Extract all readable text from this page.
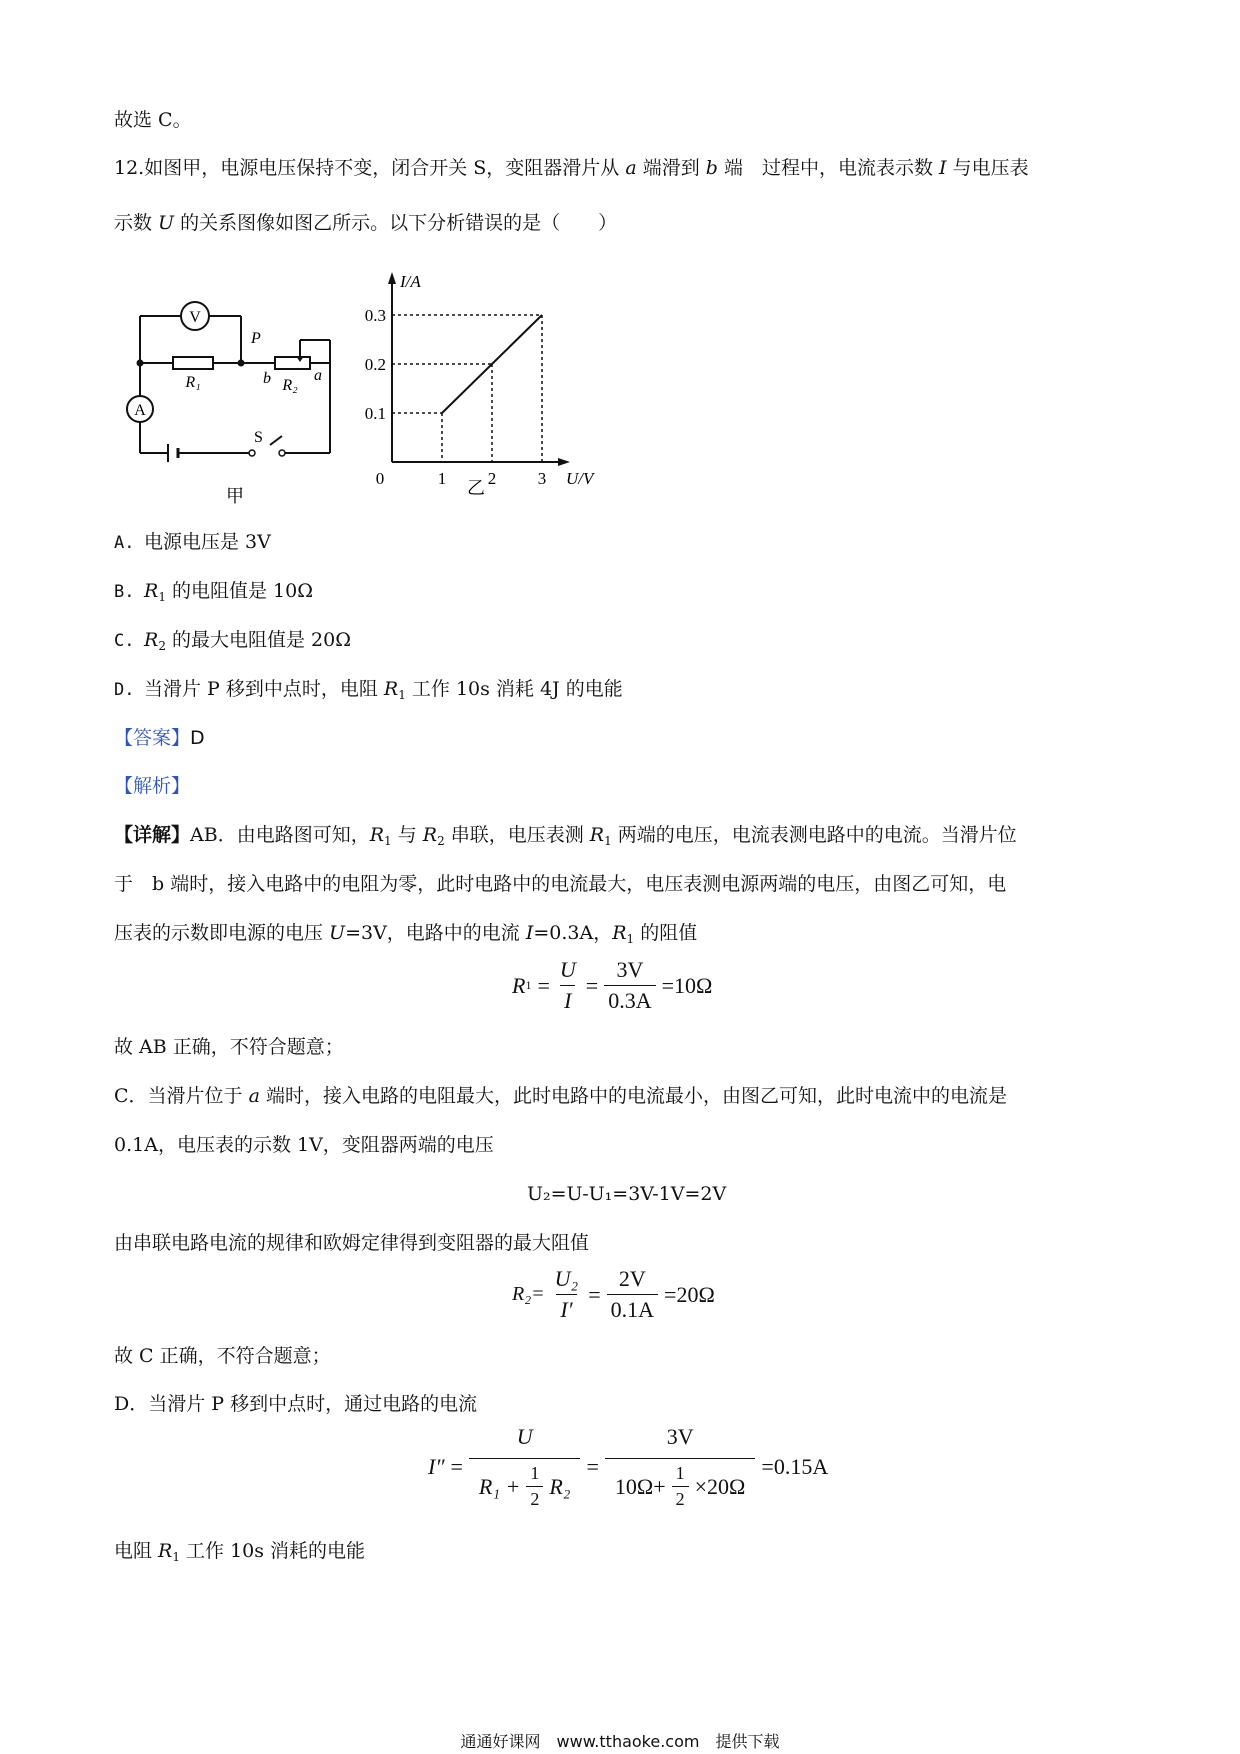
故选 C。
12.如图甲，电源电压保持不变，闭合开关 S，变阻器滑片从 a 端滑到 b 端　过程中，电流表示数 I 与电压表
示数 U 的关系图像如图乙所示。以下分析错误的是（　　）
V
A
R₁	R₂
P
b	a
S
甲
0	1 2 3
0.1
0.2
0.3
I/A
U/V
乙
A. 电源电压是 3V
B. $R_1$ 的电阻值是 10Ω
C. $R_2$ 的最大电阻值是 20Ω
D. 当滑片 P 移到中点时，电阻 $R_1$ 工作 10s 消耗 4J 的电能
【答案】D
【解析】
【详解】AB．由电路图可知，$R_1$ 与 $R_2$ 串联，电压表测 $R_1$ 两端的电压，电流表测电路中的电流。当滑片位
于　b 端时，接入电路中的电阻为零，此时电路中的电流最大，电压表测电源两端的电压，由图乙可知，电
压表的示数即电源的电压 U=3V，电路中的电流 I=0.3A，$R_1$ 的阻值
R $1 = \frac{U}{I} = \frac{3V}{0.3A} =10\Omega$
故 AB 正确，不符合题意；
C．当滑片位于 a 端时，接入电路的电阻最大，此时电路中的电流最小，由图乙可知，此时电流中的电流是
0.1A，电压表的示数 1V，变阻器两端的电压
U₂=U-U₁=3V-1V=2V
由串联电路电流的规律和欧姆定律得到变阻器的最大阻值
$R_2= \frac{\text{U₂}}{I'} = \frac{2V}{0.1A} =20\Omega$
故 C 正确，不符合题意；
D．当滑片 P 移到中点时，通过电路的电流
$I'' = \frac{U}{R_1 + \frac{1}{2} R_2} = \frac{3V}{10\Omega+ \frac{1}{2} \times 20\Omega} =0.15A$
电阻 $R_1$ 工作 10s 消耗的电能
通通好课网　www.tthaoke.com　提供下载
